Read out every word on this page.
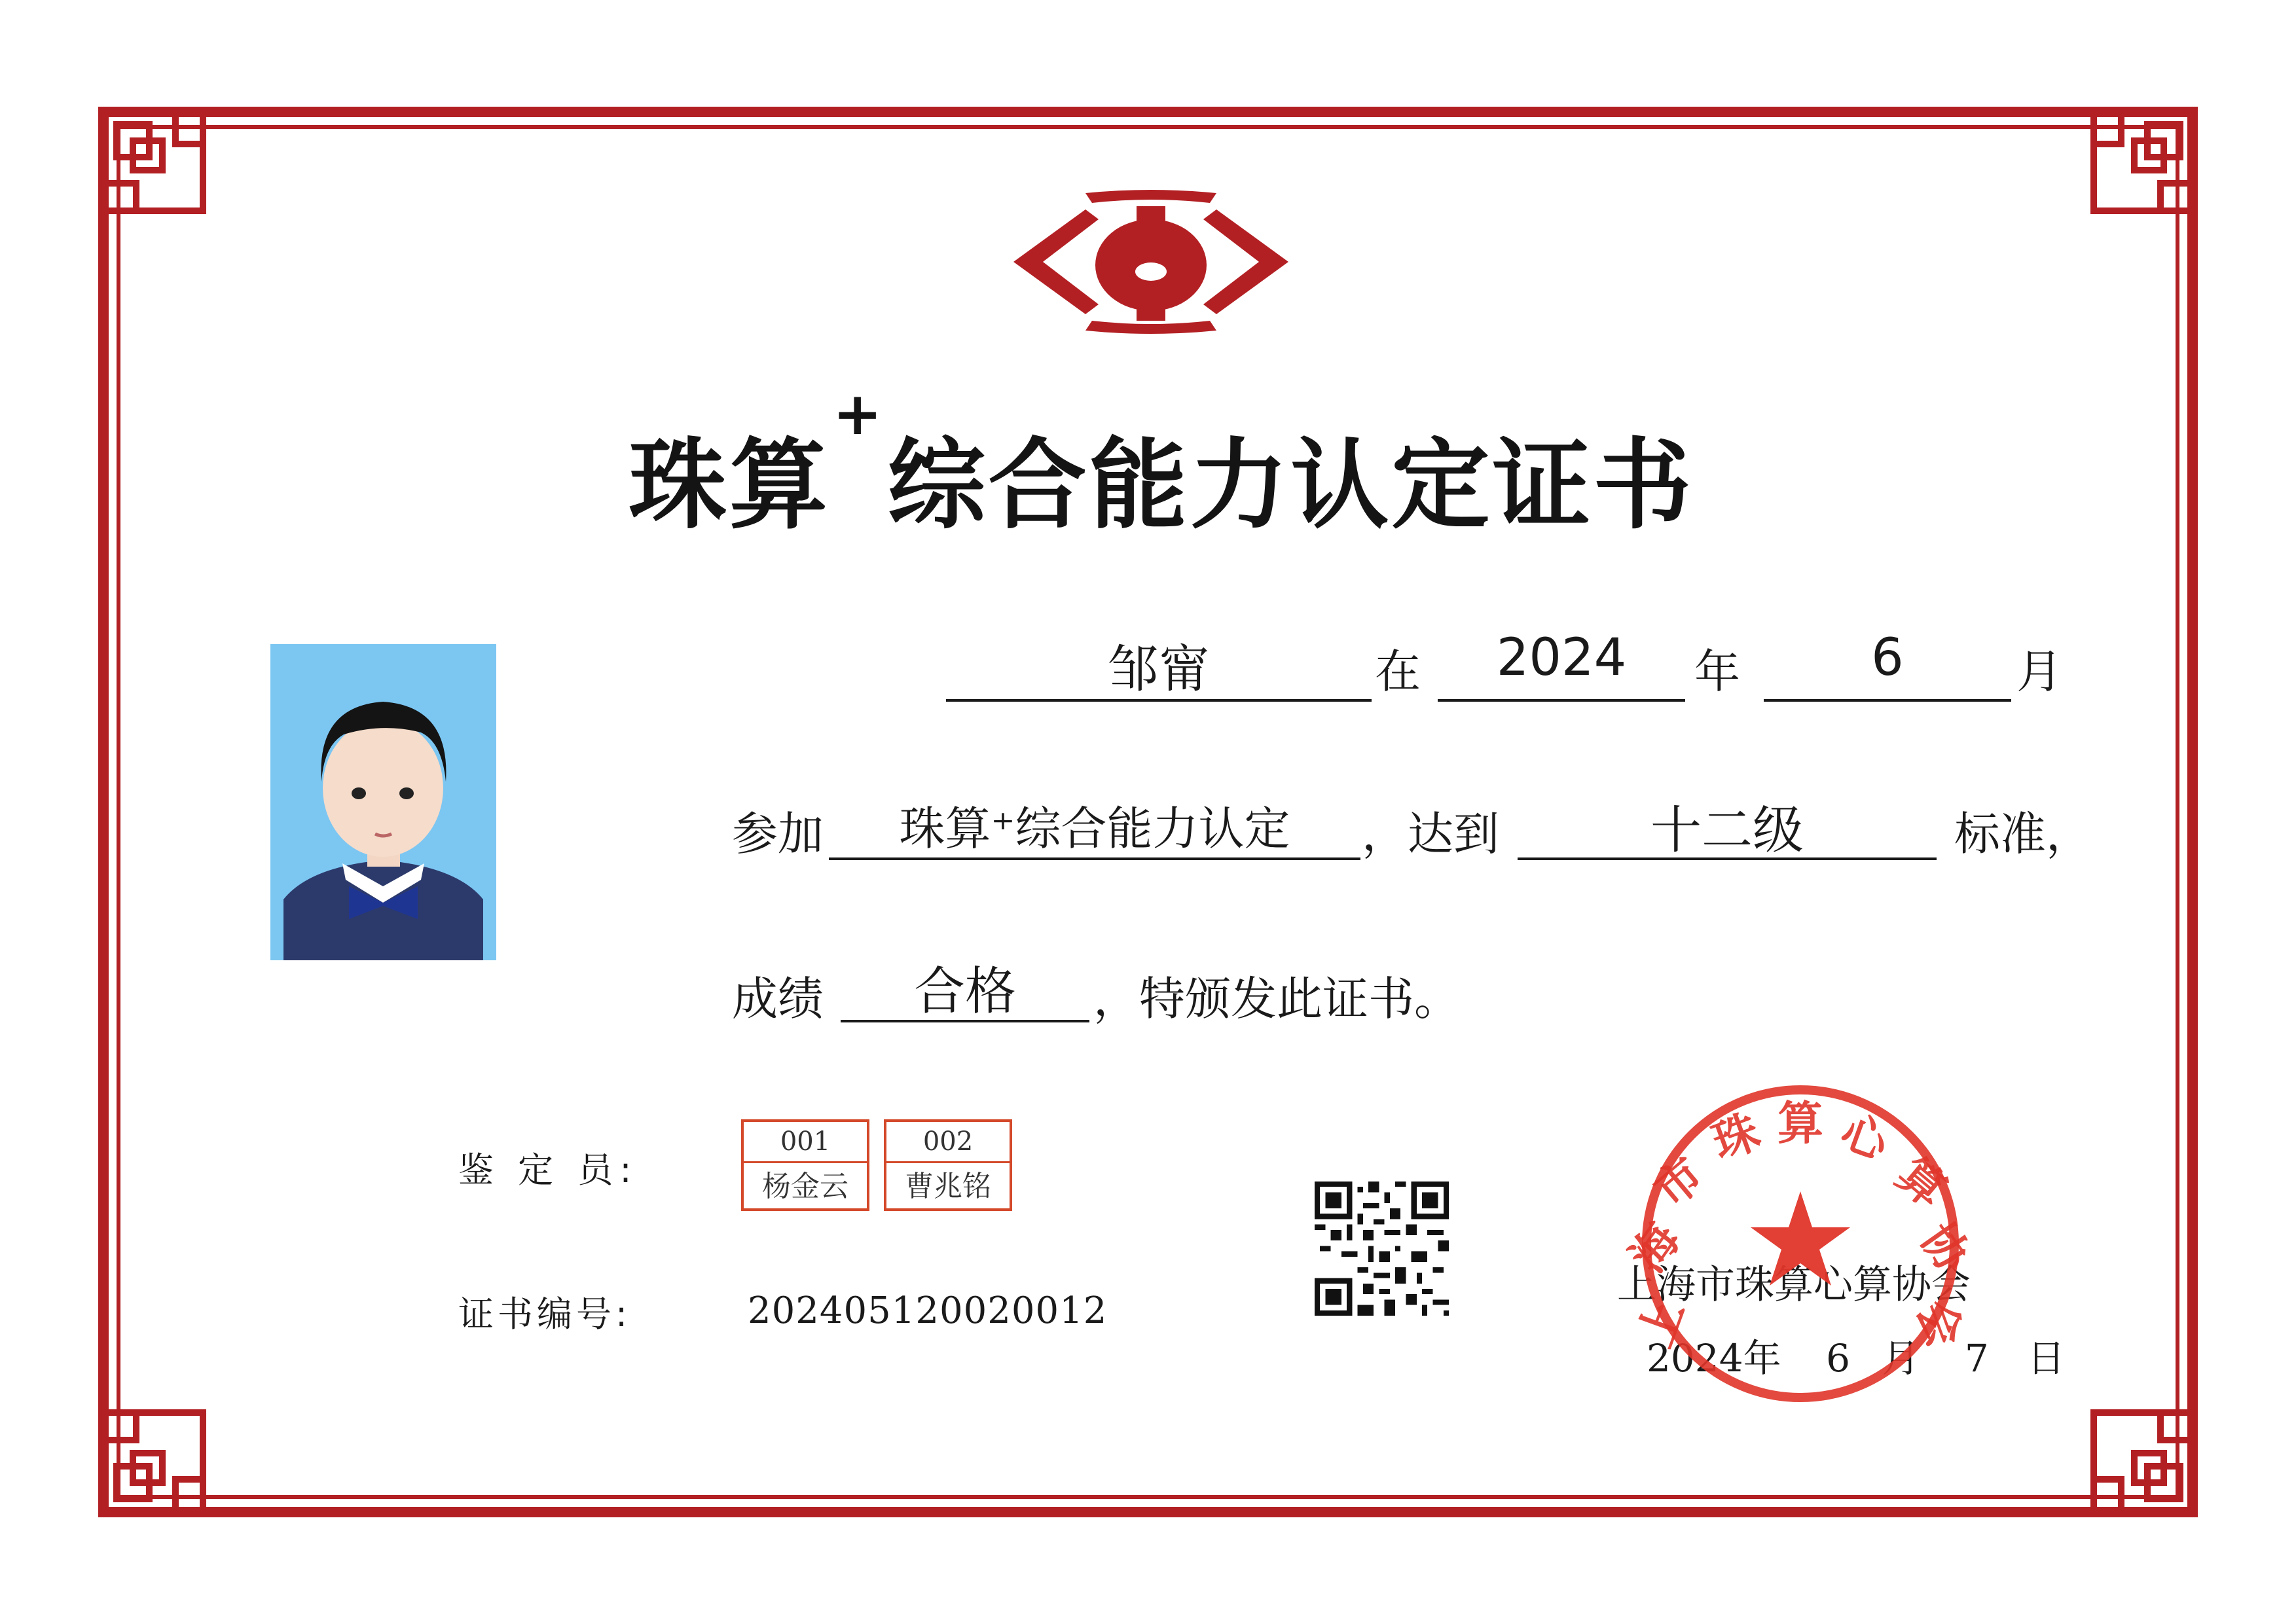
珠算+综合能力认定证书
邹甯	在	2024	年	6	月
参加	珠算⁺综合能力认定	，达到	十二级	标准，
成绩	合格	，特颁发此证书。
鉴 定 员:
001
杨金云
002
曹兆铭
证书编号:	202405120020012
上海市珠算心算协会
2024年 6 月 7 日
上
海
市
珠 算 心
算
协
会
